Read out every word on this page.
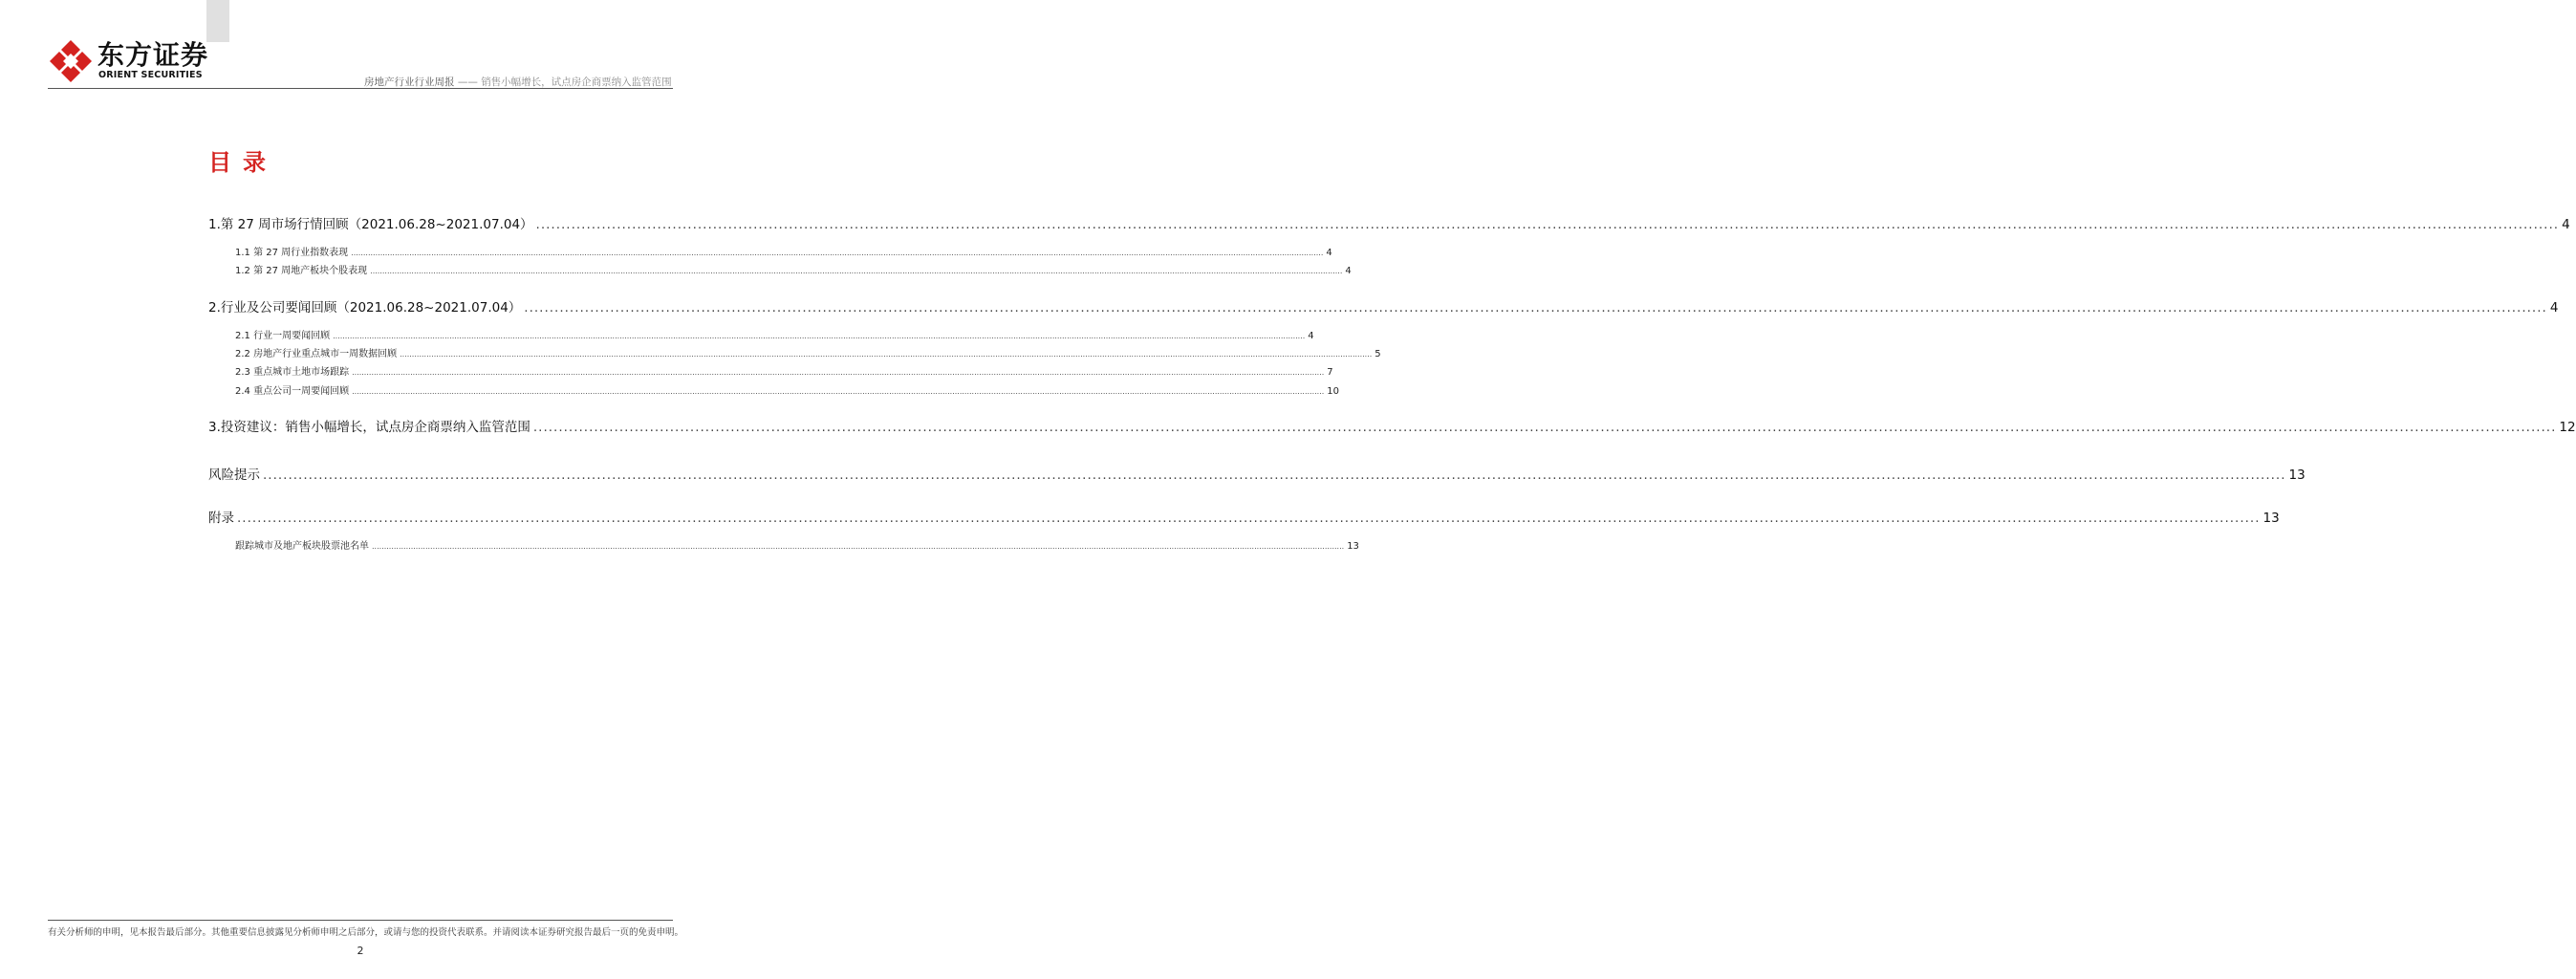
东方证券
ORIENT SECURITIES
房地产行业行业周报 —— 销售小幅增长，试点房企商票纳入监管范围
目录
1.第 27 周市场行情回顾（2021.06.28~2021.07.04） ................................................................................................................................................................................................................................................................................................................................................................................................................ 4
1.1 第 27 周行业指数表现 ................................................................................................................................................................................................................................................................................................................................................................................................................ 4
1.2 第 27 周地产板块个股表现 ................................................................................................................................................................................................................................................................................................................................................................................................................ 4
2.行业及公司要闻回顾（2021.06.28~2021.07.04） ................................................................................................................................................................................................................................................................................................................................................................................................................ 4
2.1 行业一周要闻回顾 ................................................................................................................................................................................................................................................................................................................................................................................................................ 4
2.2 房地产行业重点城市一周数据回顾 ................................................................................................................................................................................................................................................................................................................................................................................................................ 5
2.3 重点城市土地市场跟踪 ................................................................................................................................................................................................................................................................................................................................................................................................................ 7
2.4 重点公司一周要闻回顾 ................................................................................................................................................................................................................................................................................................................................................................................................................ 10
3.投资建议：销售小幅增长，试点房企商票纳入监管范围 ................................................................................................................................................................................................................................................................................................................................................................................................................ 12
风险提示 ................................................................................................................................................................................................................................................................................................................................................................................................................ 13
附录 ................................................................................................................................................................................................................................................................................................................................................................................................................ 13
跟踪城市及地产板块股票池名单 ................................................................................................................................................................................................................................................................................................................................................................................................................ 13
有关分析师的申明，见本报告最后部分。其他重要信息披露见分析师申明之后部分，或请与您的投资代表联系。并请阅读本证券研究报告最后一页的免责申明。
2
